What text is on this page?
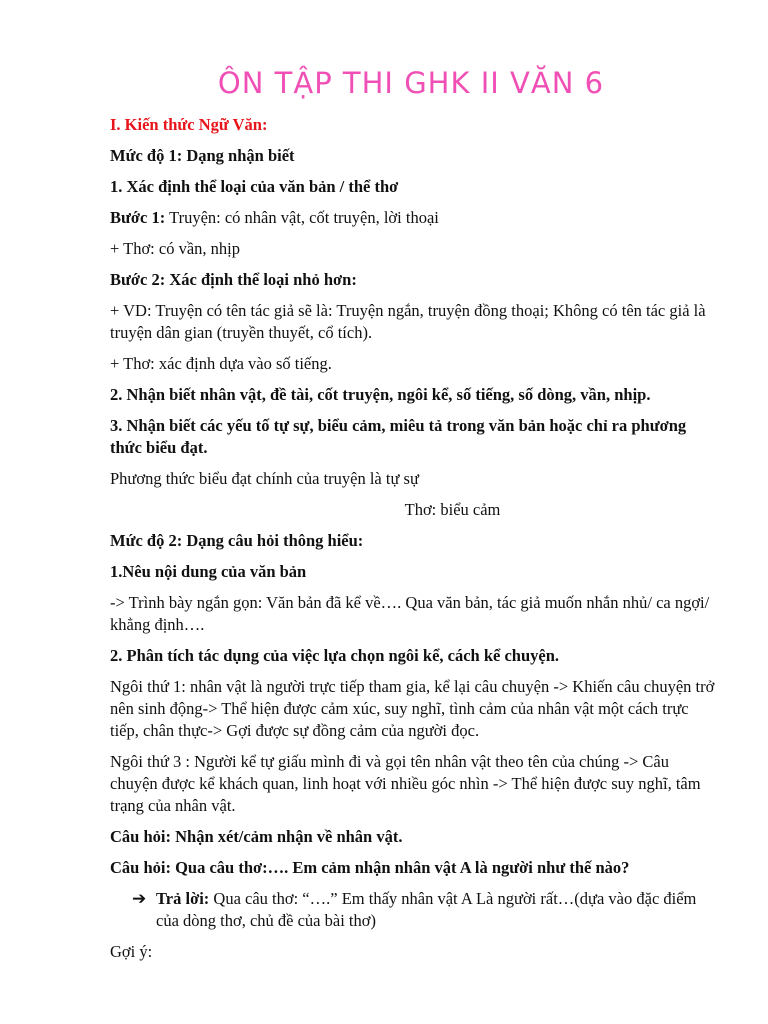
ÔN TẬP THI GHK II VĂN 6

I. Kiến thức Ngữ Văn:

Mức độ 1: Dạng nhận biết

1. Xác định thể loại của văn bản / thể thơ

Bước 1: Truyện: có nhân vật, cốt truyện, lời thoại

+ Thơ: có vần, nhịp

Bước 2: Xác định thể loại nhỏ hơn:

+ VD: Truyện có tên tác giả sẽ là: Truyện ngắn, truyện đồng thoại; Không có tên tác giả là truyện dân gian (truyền thuyết, cổ tích).

+ Thơ: xác định dựa vào số tiếng.

2. Nhận biết nhân vật, đề tài, cốt truyện, ngôi kể, số tiếng, số dòng, vần, nhịp.

3. Nhận biết các yếu tố tự sự, biểu cảm, miêu tả trong văn bản hoặc chỉ ra phương thức biểu đạt.

Phương thức biểu đạt chính của truyện là tự sự

Thơ: biểu cảm

Mức độ 2: Dạng câu hỏi thông hiểu:

1.Nêu nội dung của văn bản

-> Trình bày ngắn gọn: Văn bản đã kể về…. Qua văn bản, tác giả muốn nhắn nhủ/ ca ngợi/ khẳng định….

2. Phân tích tác dụng của việc lựa chọn ngôi kể, cách kể chuyện.

Ngôi thứ 1: nhân vật là người trực tiếp tham gia, kể lại câu chuyện -> Khiến câu chuyện trở nên sinh động-> Thể hiện được cảm xúc, suy nghĩ, tình cảm của nhân vật một cách trực tiếp, chân thực-> Gợi được sự đồng cảm của người đọc.

Ngôi thứ 3 : Người kể tự giấu mình đi và gọi tên nhân vật theo tên của chúng -> Câu chuyện được kể khách quan, linh hoạt với nhiều góc nhìn -> Thể hiện được suy nghĩ, tâm trạng của nhân vật.

Câu hỏi: Nhận xét/cảm nhận về nhân vật.

Câu hỏi: Qua câu thơ:…. Em cảm nhận nhân vật A là người như thế nào?

➔ Trả lời: Qua câu thơ: “….” Em thấy nhân vật A Là người rất…(dựa vào đặc điểm của dòng thơ, chủ đề của bài thơ)

Gợi ý:
